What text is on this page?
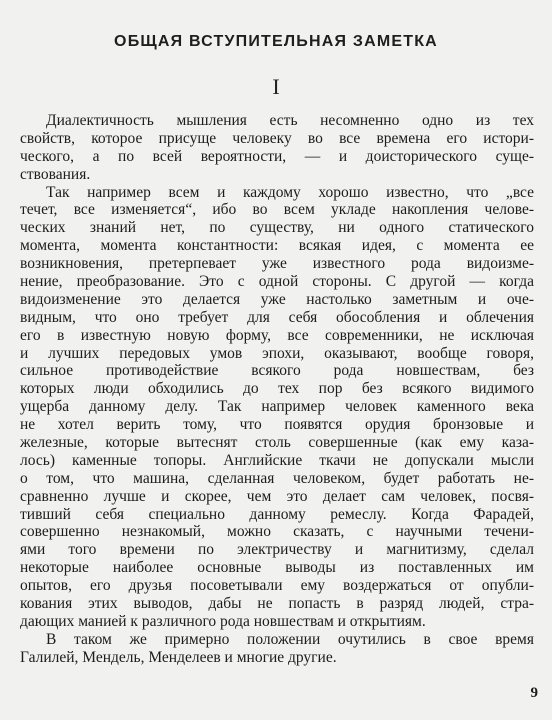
ОБЩАЯ ВСТУПИТЕЛЬНАЯ ЗАМЕТКА
I

Диалектичность мышления есть несомненно одно из тех
свойств, которое присуще человеку во все времена его истори-
ческого, а по всей вероятности, — и доисторического суще-
ствования.

Так например всем и каждому хорошо известно, что „все
течет, все изменяется“, ибо во всем укладе накопления челове-
ческих знаний нет, по существу, ни одного статического
момента, момента константности: всякая идея, с момента ее
возникновения, претерпевает уже известного рода видоизме-
нение, преобразование. Это с одной стороны. С другой — когда
видоизменение это делается уже настолько заметным и оче-
видным, что оно требует для себя обособления и облечения
его в известную новую форму, все современники, не исключая
и лучших передовых умов эпохи, оказывают, вообще говоря,
сильное противодействие всякого рода новшествам, без
которых люди обходились до тех пор без всякого видимого
ущерба данному делу. Так например человек каменного века
не хотел верить тому, что появятся орудия бронзовые и
железные, которые вытеснят столь совершенные (как ему каза-
лось) каменные топоры. Английские ткачи не допускали мысли
о том, что машина, сделанная человеком, будет работать не-
сравненно лучше и скорее, чем это делает сам человек, посвя-
тивший себя специально данному ремеслу. Когда Фарадей,
совершенно незнакомый, можно сказать, с научными течени-
ями того времени по электричеству и магнитизму, сделал
некоторые наиболее основные выводы из поставленных им
опытов, его друзья посоветывали ему воздержаться от опубли-
кования этих выводов, дабы не попасть в разряд людей, стра-
дающих манией к различного рода новшествам и открытиям.

В таком же примерно положении очутились в свое время
Галилей, Мендель, Менделеев и многие другие.

9
